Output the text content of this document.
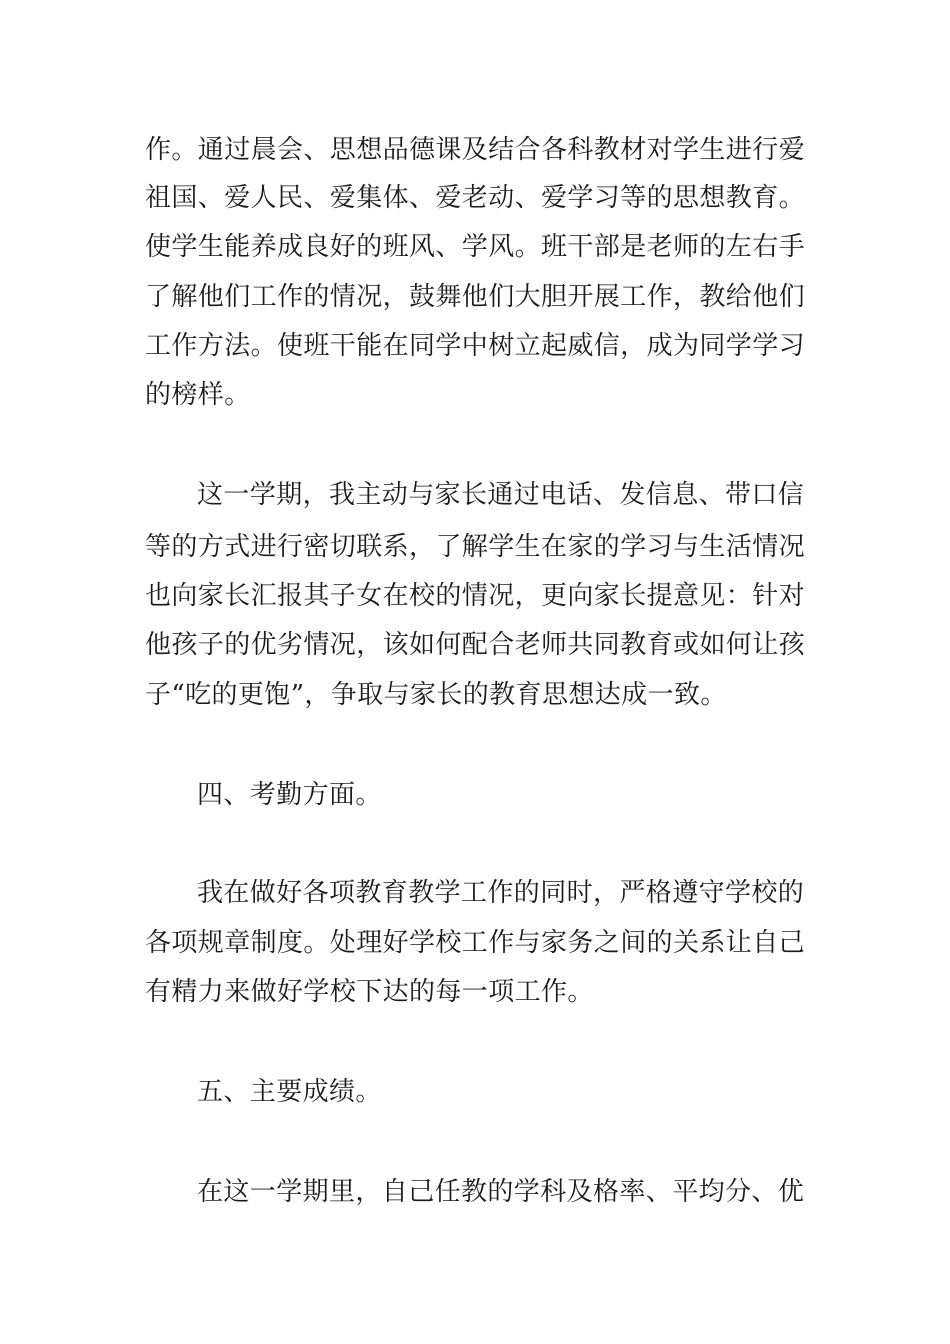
作。通过晨会、思想品德课及结合各科教材对学生进行爱
祖国、爱人民、爱集体、爱老动、爱学习等的思想教育。
使学生能养成良好的班风、学风。班干部是老师的左右手
了解他们工作的情况，鼓舞他们大胆开展工作，教给他们
工作方法。使班干能在同学中树立起威信，成为同学学习
的榜样。
这一学期，我主动与家长通过电话、发信息、带口信
等的方式进行密切联系，了解学生在家的学习与生活情况
也向家长汇报其子女在校的情况，更向家长提意见：针对
他孩子的优劣情况，该如何配合老师共同教育或如何让孩
子“吃的更饱”，争取与家长的教育思想达成一致。
四、考勤方面。
我在做好各项教育教学工作的同时，严格遵守学校的
各项规章制度。处理好学校工作与家务之间的关系让自己
有精力来做好学校下达的每一项工作。
五、主要成绩。
在这一学期里，自己任教的学科及格率、平均分、优
